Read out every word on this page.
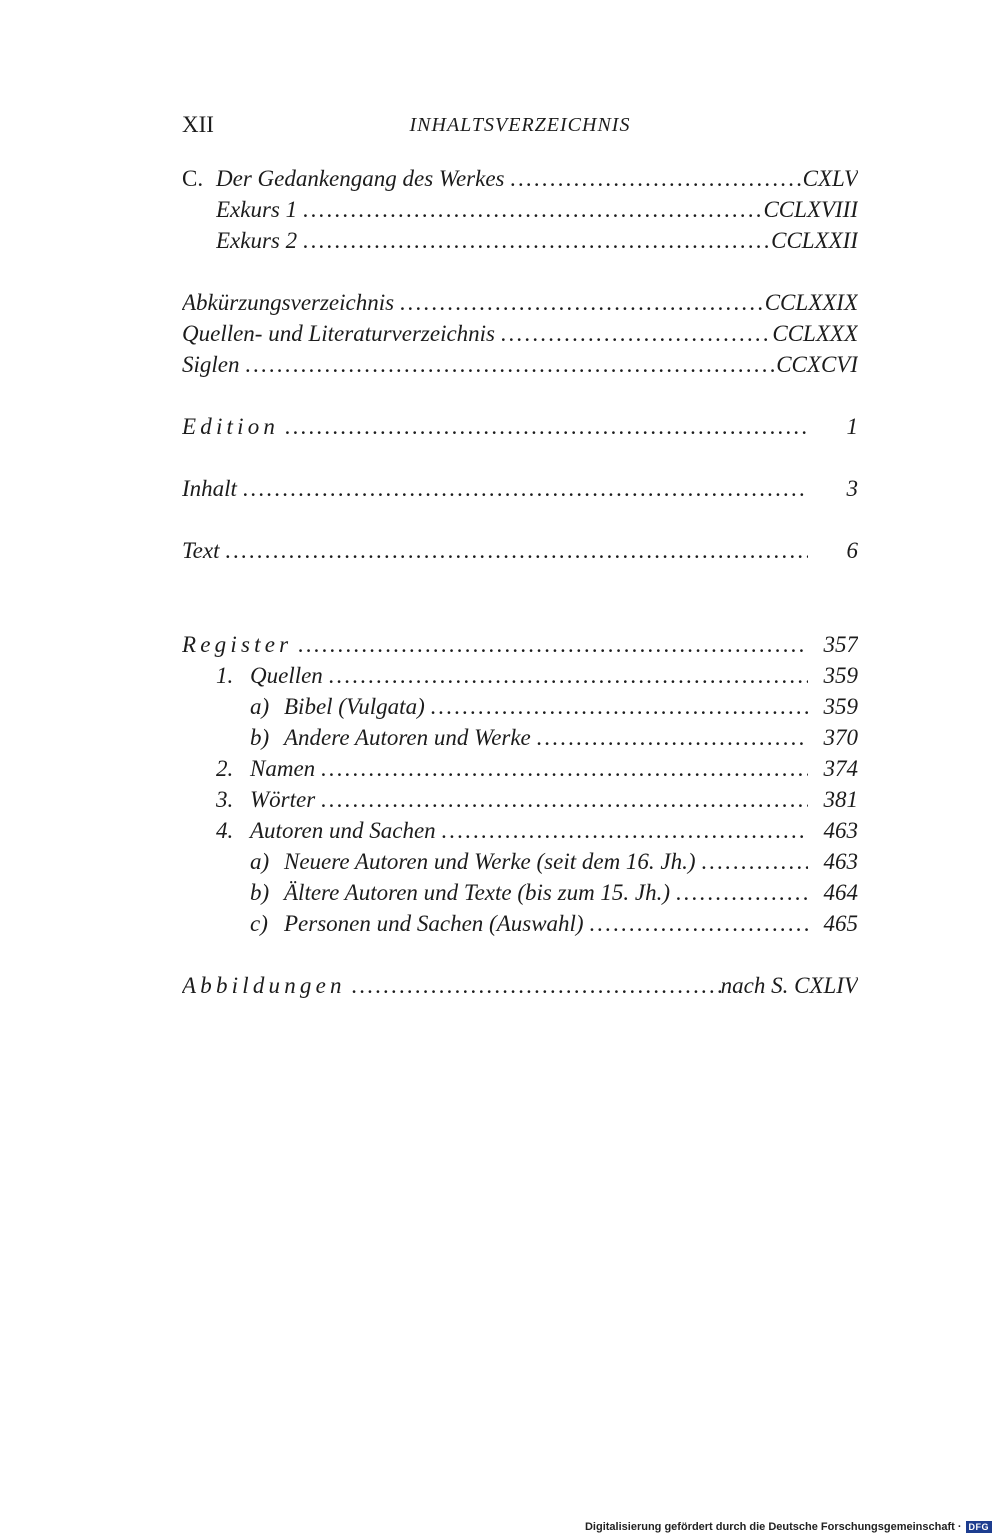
XII	INHALTSVERZEICHNIS
C. Der Gedankengang des Werkes .....	CXLV
Exkurs 1 .....	CCLXVIII
Exkurs 2 .....	CCLXXII
Abkürzungsverzeichnis .....	CCLXXIX
Quellen- und Literaturverzeichnis .....	CCLXXX
Siglen .....	CCXCVI
Edition .....	1
Inhalt .....	3
Text .....	6
Register .....	357
1. Quellen .....	359
a) Bibel (Vulgata) .....	359
b) Andere Autoren und Werke .....	370
2. Namen .....	374
3. Wörter .....	381
4. Autoren und Sachen .....	463
a) Neuere Autoren und Werke (seit dem 16. Jh.) .....	463
b) Ältere Autoren und Texte (bis zum 15. Jh.) .....	464
c) Personen und Sachen (Auswahl) .....	465
Abbildungen .....	nach S. CXLIV
Digitalisierung gefördert durch die Deutsche Forschungsgemeinschaft · DFG
